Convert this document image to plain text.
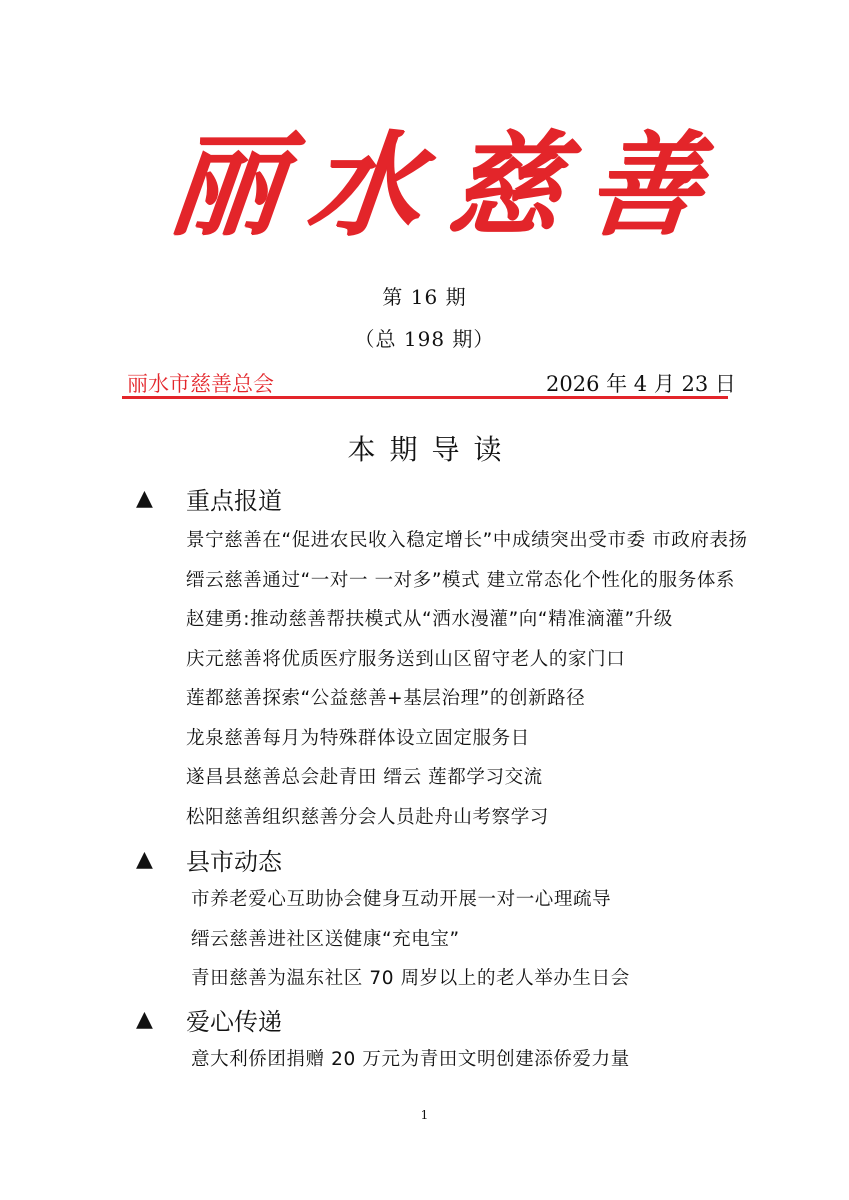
丽 水 慈 善
第 16 期
（总 198 期）
丽水市慈善总会	2026 年 4 月 23 日
本期导读
▲	重点报道
景宁慈善在“促进农民收入稳定增长”中成绩突出受市委 市政府表扬
缙云慈善通过“一对一 一对多”模式 建立常态化个性化的服务体系
赵建勇:推动慈善帮扶模式从“洒水漫灌”向“精准滴灌”升级
庆元慈善将优质医疗服务送到山区留守老人的家门口
莲都慈善探索“公益慈善+基层治理”的创新路径
龙泉慈善每月为特殊群体设立固定服务日
遂昌县慈善总会赴青田 缙云 莲都学习交流
松阳慈善组织慈善分会人员赴舟山考察学习
▲	县市动态
市养老爱心互助协会健身互动开展一对一心理疏导
缙云慈善进社区送健康“充电宝”
青田慈善为温东社区 70 周岁以上的老人举办生日会
▲	爱心传递
意大利侨团捐赠 20 万元为青田文明创建添侨爱力量
1
